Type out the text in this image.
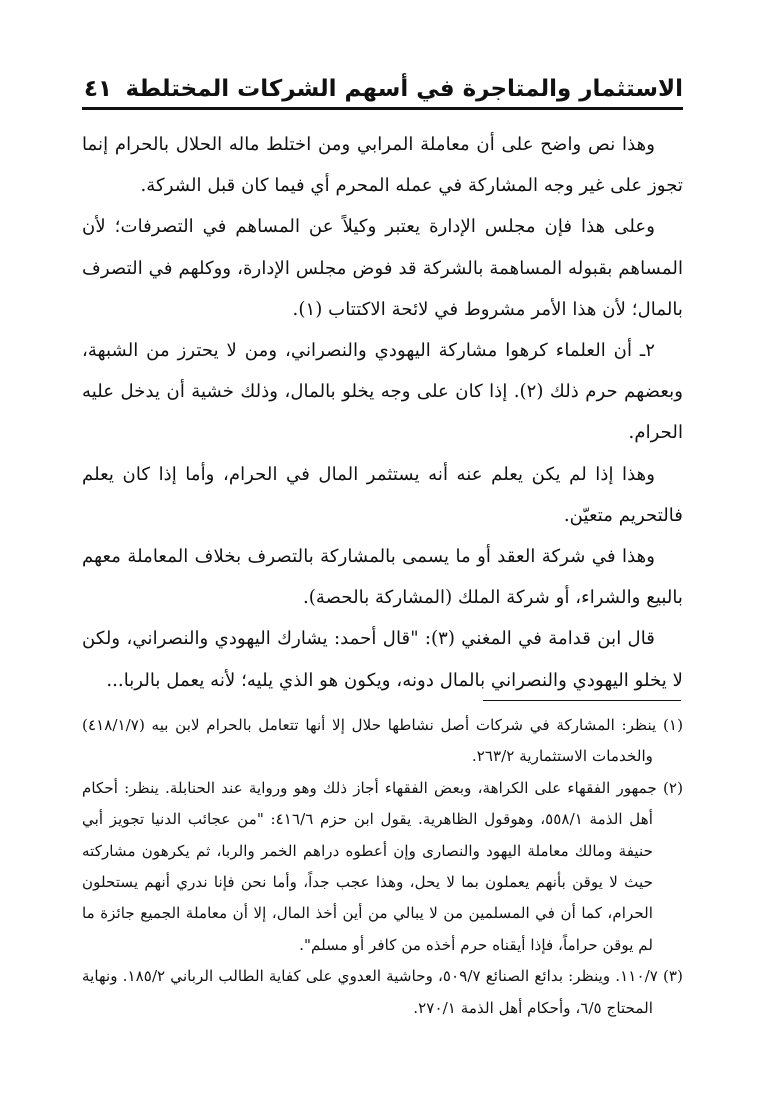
الاستثمار والمتاجرة في أسهم الشركات المختلطة
٤١

وهذا نص واضح على أن معاملة المرابي ومن اختلط ماله الحلال بالحرام إنما تجوز على غير وجه المشاركة في عمله المحرم أي فيما كان قبل الشركة.

وعلى هذا فإن مجلس الإدارة يعتبر وكيلاً عن المساهم في التصرفات؛ لأن المساهم بقبوله المساهمة بالشركة قد فوض مجلس الإدارة، ووكلهم في التصرف بالمال؛ لأن هذا الأمر مشروط في لائحة الاكتتاب (١).

٢ـ أن العلماء كرهوا مشاركة اليهودي والنصراني، ومن لا يحترز من الشبهة، وبعضهم حرم ذلك (٢). إذا كان على وجه يخلو بالمال، وذلك خشية أن يدخل عليه الحرام.

وهذا إذا لم يكن يعلم عنه أنه يستثمر المال في الحرام، وأما إذا كان يعلم فالتحريم متعيّن.

وهذا في شركة العقد أو ما يسمى بالمشاركة بالتصرف بخلاف المعاملة معهم بالبيع والشراء، أو شركة الملك (المشاركة بالحصة).

قال ابن قدامة في المغني (٣): "قال أحمد: يشارك اليهودي والنصراني، ولكن لا يخلو اليهودي والنصراني بالمال دونه، ويكون هو الذي يليه؛ لأنه يعمل بالربا...

(١) ينظر: المشاركة في شركات أصل نشاطها حلال إلا أنها تتعامل بالحرام لابن بيه (٤١٨/١/٧) والخدمات الاستثمارية ٢٦٣/٢.

(٢) جمهور الفقهاء على الكراهة، وبعض الفقهاء أجاز ذلك وهو ورواية عند الحنابلة. ينظر: أحكام أهل الذمة ٥٥٨/١، وهوقول الظاهرية. يقول ابن حزم ٤١٦/٦: "من عجائب الدنيا تجويز أبي حنيفة ومالك معاملة اليهود والنصارى وإن أعطوه دراهم الخمر والربا، ثم يكرهون مشاركته حيث لا يوقن بأنهم يعملون بما لا يحل، وهذا عجب جداً، وأما نحن فإنا ندري أنهم يستحلون الحرام، كما أن في المسلمين من لا يبالي من أين أخذ المال، إلا أن معاملة الجميع جائزة ما لم يوقن حراماً، فإذا أيقناه حرم أخذه من كافر أو مسلم".

(٣) ١١٠/٧. وينظر: بدائع الصنائع ٥٠٩/٧، وحاشية العدوي على كفاية الطالب الرباني ١٨٥/٢. ونهاية المحتاج ٦/٥، وأحكام أهل الذمة ٢٧٠/١.
